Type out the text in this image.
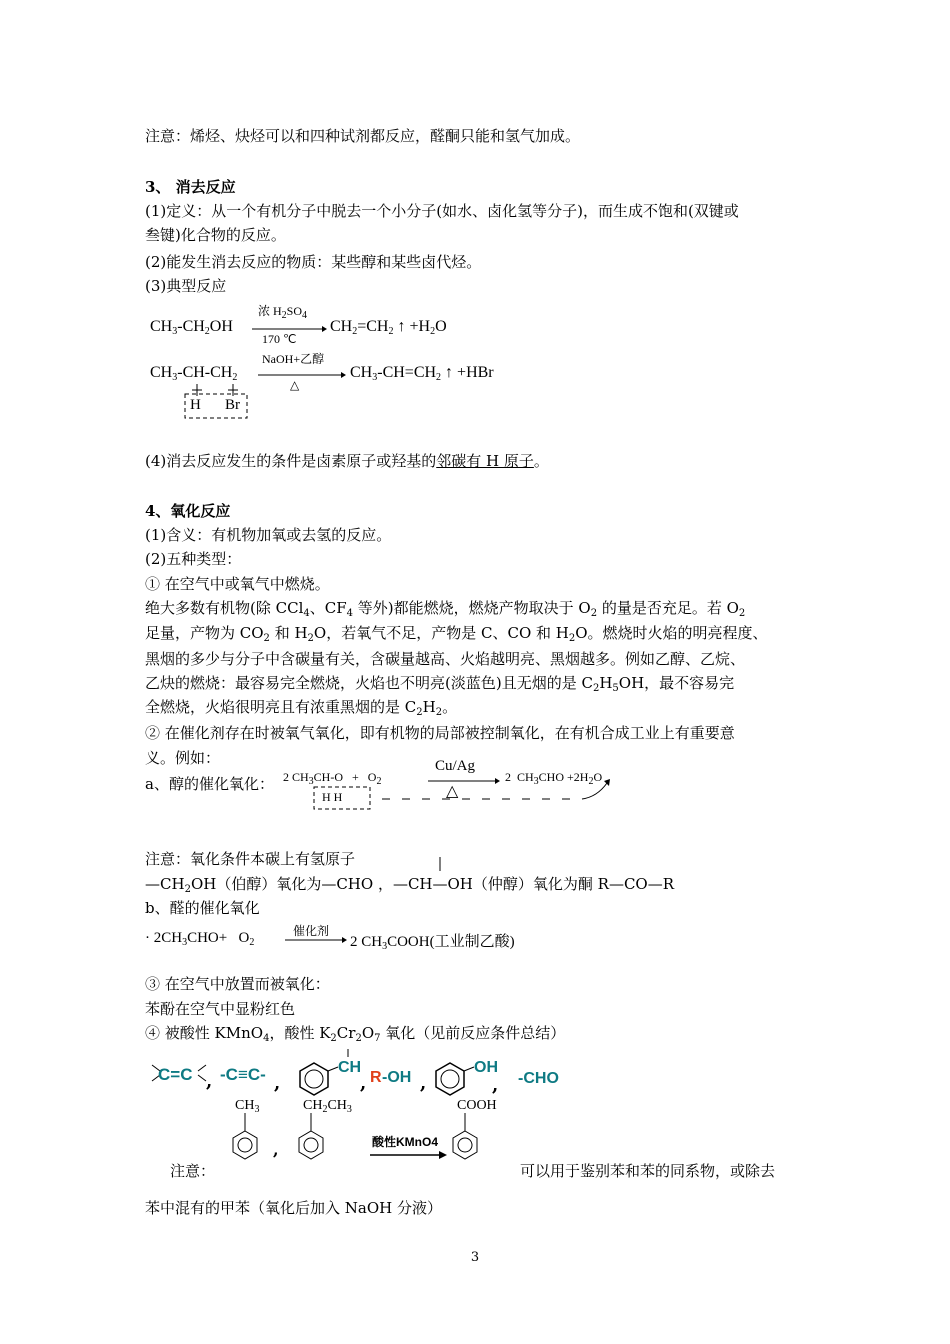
注意：烯烃、炔烃可以和四种试剂都反应，醛酮只能和氢气加成。
3、 消去反应
(1)定义：从一个有机分子中脱去一个小分子(如水、卤化氢等分子)，而生成不饱和(双键或
叁键)化合物的反应。
(2)能发生消去反应的物质：某些醇和某些卤代烃。
(3)典型反应
$CH_3-CH_2OH$
浓 $H_2SO_4$
170 ℃
$CH_2=CH_2$ ↑ $+H_2O$
$CH_3-CH-CH_2$
NaOH+乙醇
△
$CH_3-CH=CH_2$ ↑ +HBr
H Br
(4)消去反应发生的条件是卤素原子或羟基的邻碳有 H 原子。
4、氧化反应
(1)含义：有机物加氧或去氢的反应。
(2)五种类型：
① 在空气中或氧气中燃烧。
绝大多数有机物(除 CCl$_4$、$CF_4$ 等外)都能燃烧，燃烧产物取决于 $O_2$ 的量是否充足。若 $O_2$
足量，产物为 $CO_2$ 和 $H_2O$，若氧气不足，产物是 C、CO 和 $H_2O$。燃烧时火焰的明亮程度、
黑烟的多少与分子中含碳量有关，含碳量越高、火焰越明亮、黑烟越多。例如乙醇、乙烷、
乙炔的燃烧：最容易完全燃烧，火焰也不明亮(淡蓝色)且无烟的是 $C_2H_5OH$，最不容易完
全燃烧，火焰很明亮且有浓重黑烟的是 $C_2H_2$。
② 在催化剂存在时被氧气氧化，即有机物的局部被控制氧化，在有机合成工业上有重要意
义。例如：
a、醇的催化氧化： 2 $CH_3CH-O + O_2$
Cu/Ag
△
2  $CH_3CHO +2H_2O$
H H
注意：氧化条件本碳上有氢原子
$—CH_2OH$（伯醇）氧化为—CHO ，—CH—OH（仲醇）氧化为酮 R—CO—R
b、醛的催化氧化
· $2CH_3CHO+ O_2$
催化剂
2 $CH_3COOH$(工业制乙酸)
③ 在空气中放置而被氧化：
苯酚在空气中显粉红色
④ 被酸性 KMnO$_4$，酸性 $K_2Cr_2O_7$ 氧化（见前反应条件总结）
C=C , -C≡C- ,
CH
, R -OH ,
OH
, -CHO
注意：
$CH_3$
,
$CH_2CH_3$	COOH
酸性KMnO4
可以用于鉴别苯和苯的同系物，或除去
苯中混有的甲苯（氧化后加入 NaOH 分液）
3
